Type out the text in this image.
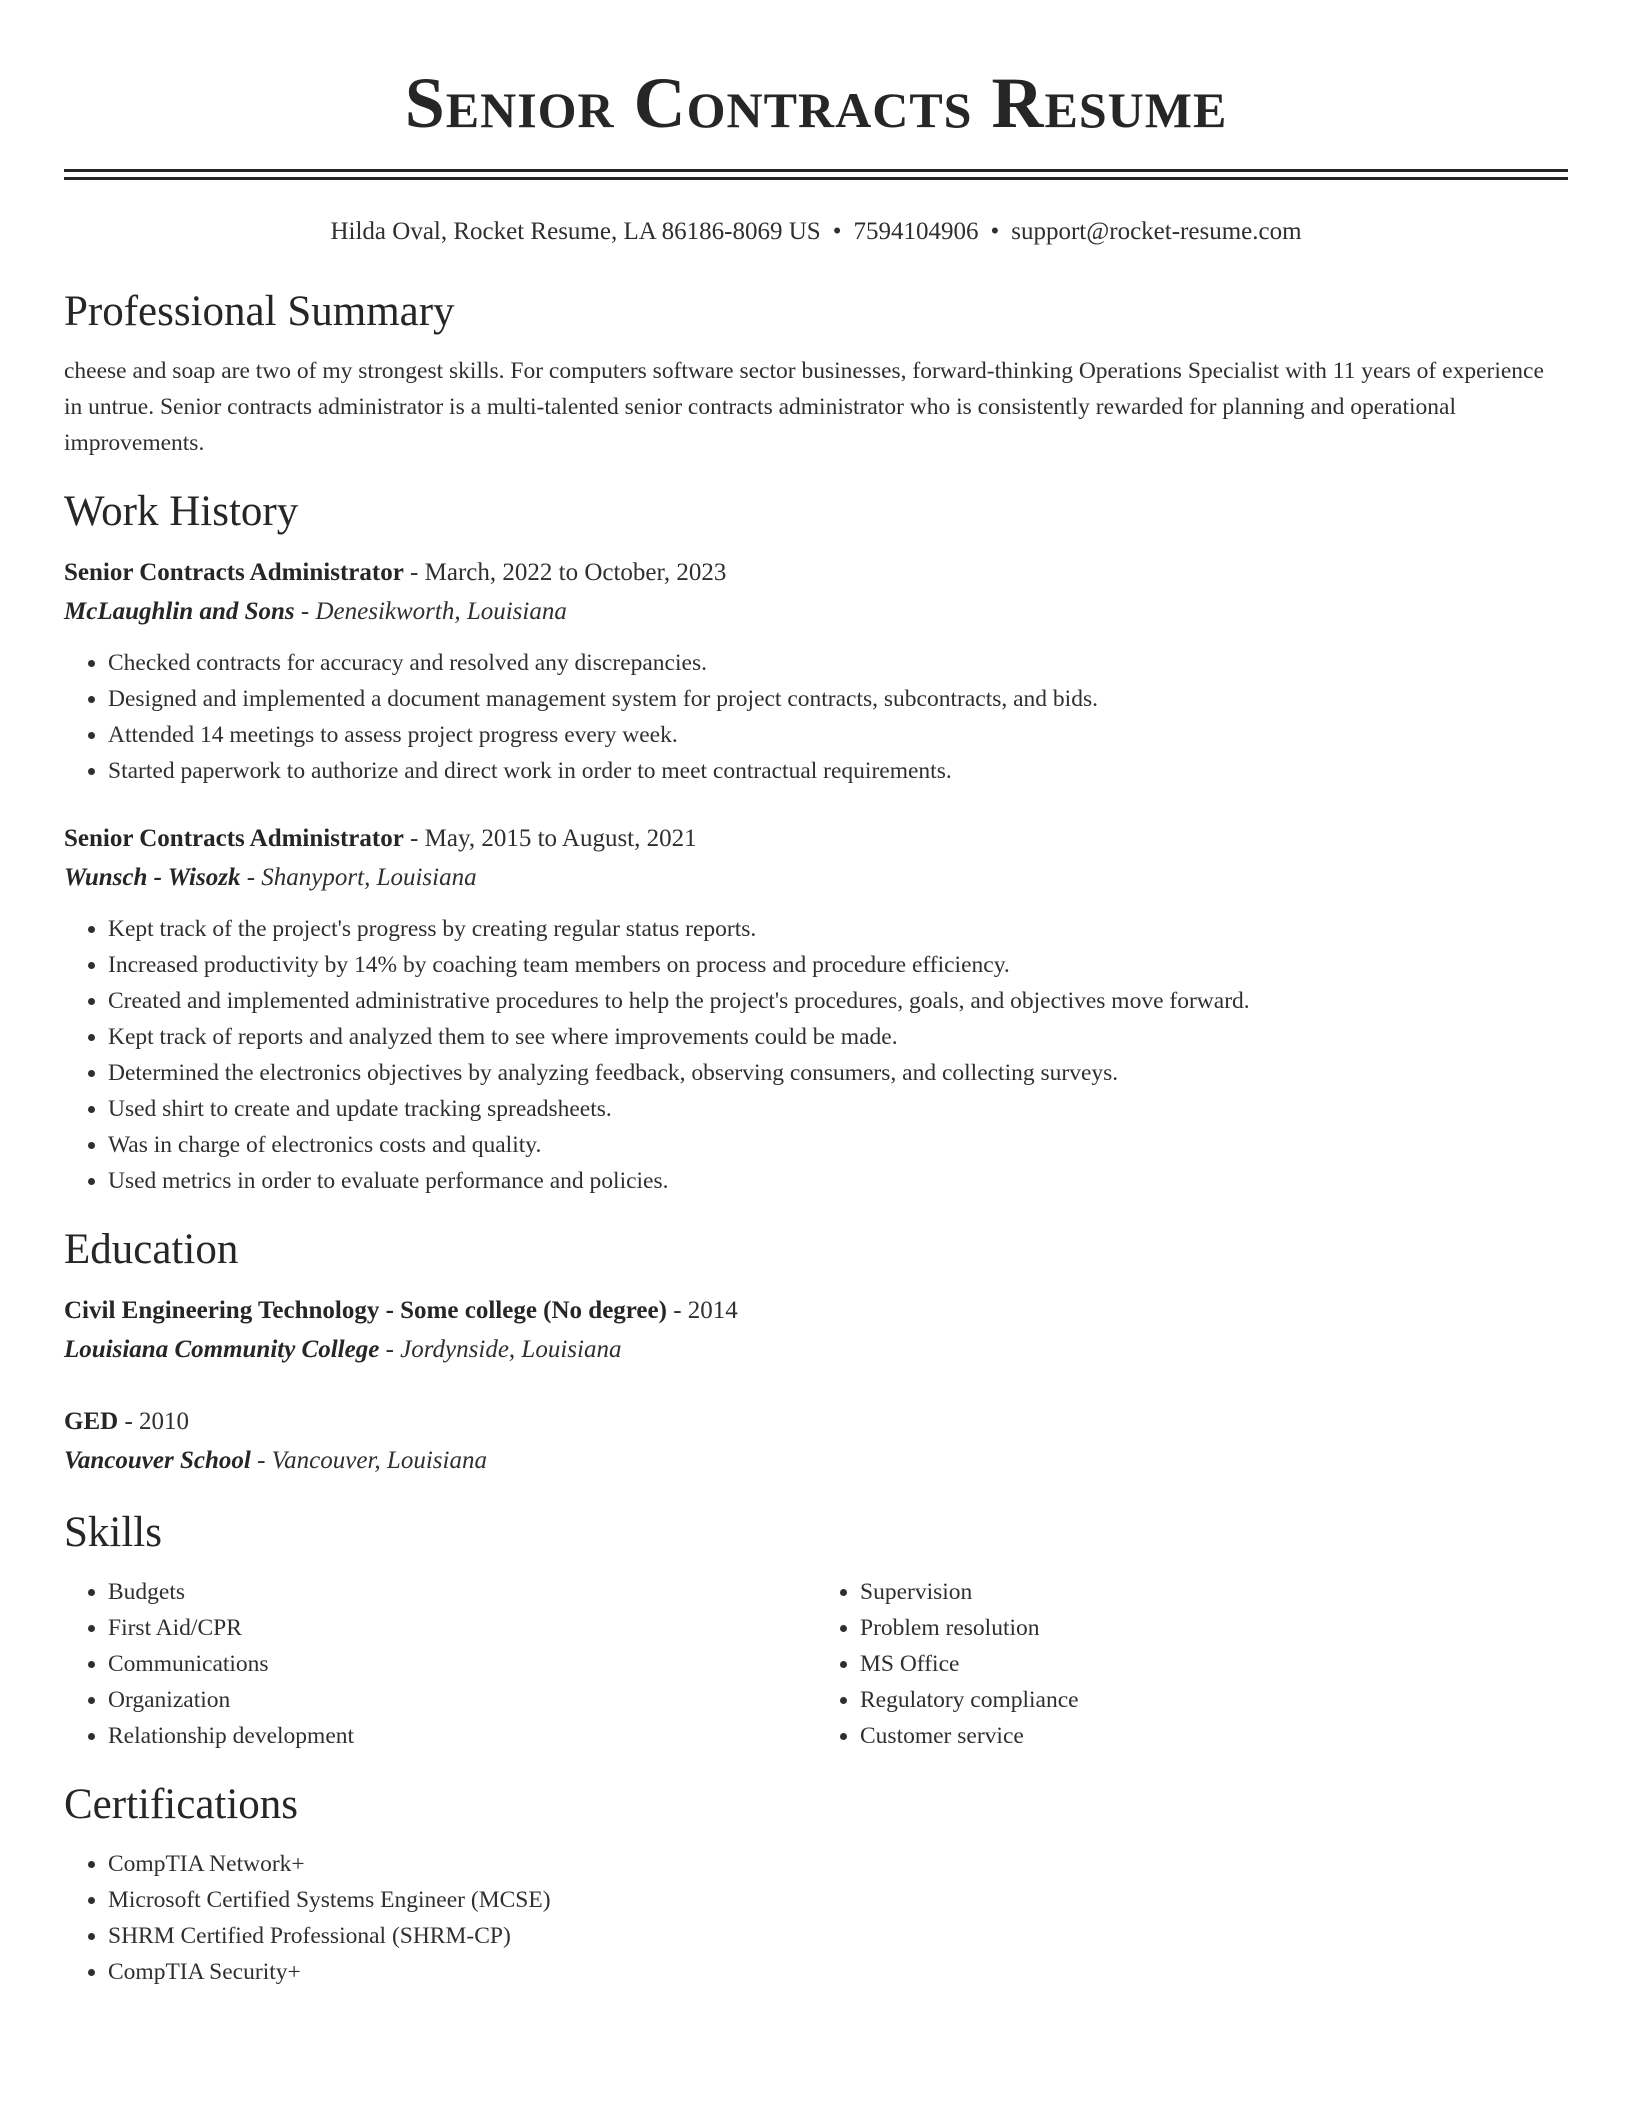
Senior Contracts Resume
Hilda Oval, Rocket Resume, LA 86186-8069 US • 7594104906 • support@rocket-resume.com
Professional Summary
cheese and soap are two of my strongest skills. For computers software sector businesses, forward-thinking Operations Specialist with 11 years of experience in untrue. Senior contracts administrator is a multi-talented senior contracts administrator who is consistently rewarded for planning and operational improvements.
Work History
Senior Contracts Administrator - March, 2022 to October, 2023
McLaughlin and Sons - Denesikworth, Louisiana
• Checked contracts for accuracy and resolved any discrepancies.
• Designed and implemented a document management system for project contracts, subcontracts, and bids.
• Attended 14 meetings to assess project progress every week.
• Started paperwork to authorize and direct work in order to meet contractual requirements.
Senior Contracts Administrator - May, 2015 to August, 2021
Wunsch - Wisozk - Shanyport, Louisiana
• Kept track of the project's progress by creating regular status reports.
• Increased productivity by 14% by coaching team members on process and procedure efficiency.
• Created and implemented administrative procedures to help the project's procedures, goals, and objectives move forward.
• Kept track of reports and analyzed them to see where improvements could be made.
• Determined the electronics objectives by analyzing feedback, observing consumers, and collecting surveys.
• Used shirt to create and update tracking spreadsheets.
• Was in charge of electronics costs and quality.
• Used metrics in order to evaluate performance and policies.
Education
Civil Engineering Technology - Some college (No degree) - 2014
Louisiana Community College - Jordynside, Louisiana
GED - 2010
Vancouver School - Vancouver, Louisiana
Skills
• Budgets
• First Aid/CPR
• Communications
• Organization
• Relationship development
• Supervision
• Problem resolution
• MS Office
• Regulatory compliance
• Customer service
Certifications
• CompTIA Network+
• Microsoft Certified Systems Engineer (MCSE)
• SHRM Certified Professional (SHRM-CP)
• CompTIA Security+
